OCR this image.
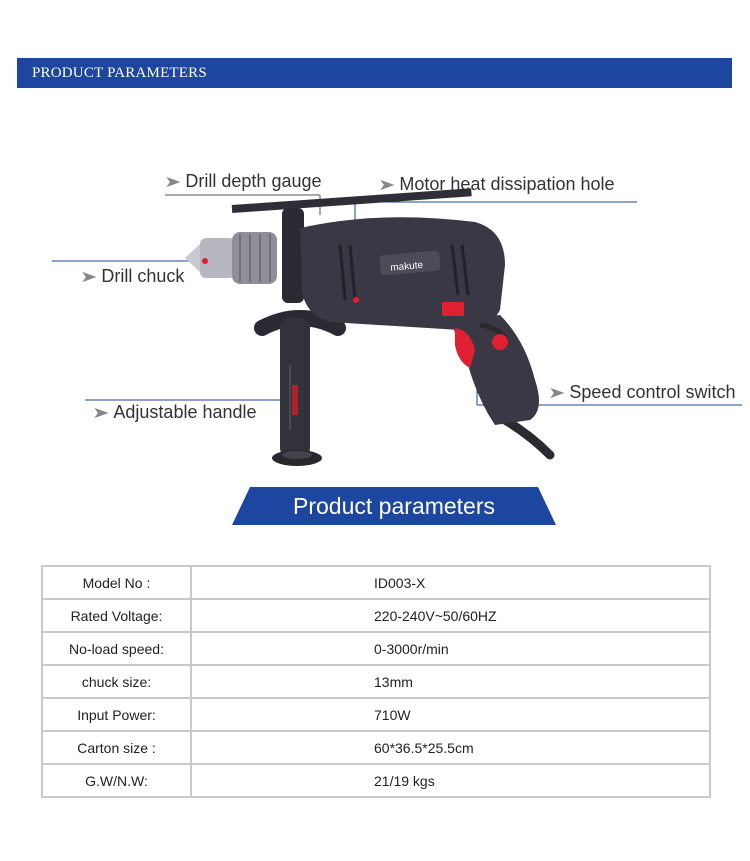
PRODUCT PARAMETERS
makute
➤ Drill depth gauge	➤ Motor heat dissipation hole
➤ Drill chuck
➤ Speed control switch
➤ Adjustable handle
Product parameters
Model No :	ID003-X
Rated Voltage:	220-240V~50/60HZ
No-load speed:	0-3000r/min
chuck size:	13mm
Input Power:	710W
Carton size :	60*36.5*25.5cm
G.W/N.W:	21/19 kgs
